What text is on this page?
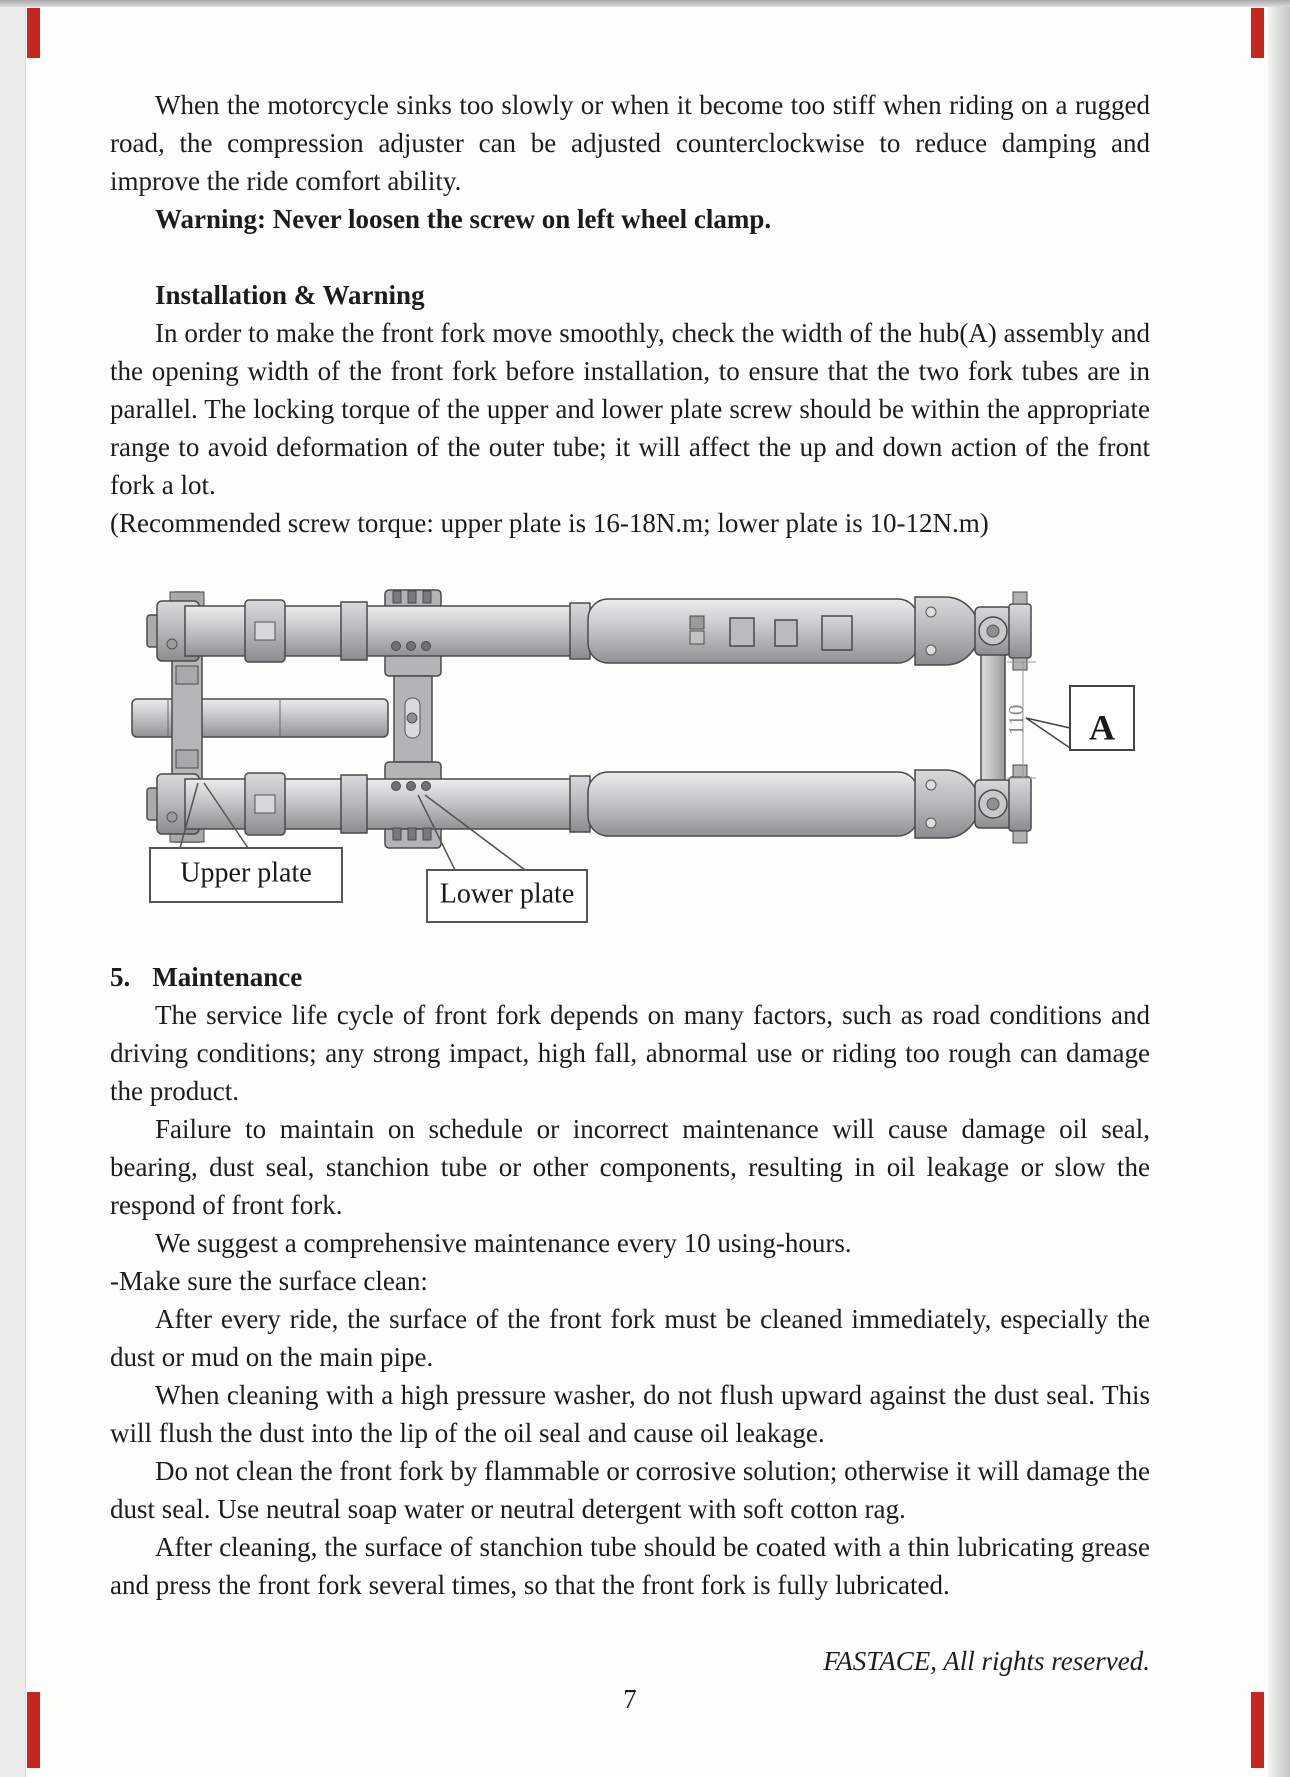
When the motorcycle sinks too slowly or when it become too stiff when riding on a rugged road, the compression adjuster can be adjusted counterclockwise to reduce damping and improve the ride comfort ability.

Warning: Never loosen the screw on left wheel clamp.

Installation & Warning

In order to make the front fork move smoothly, check the width of the hub(A) assembly and the opening width of the front fork before installation, to ensure that the two fork tubes are in parallel. The locking torque of the upper and lower plate screw should be within the appropriate range to avoid deformation of the outer tube; it will affect the up and down action of the front fork a lot.

(Recommended screw torque: upper plate is 16-18N.m; lower plate is 10-12N.m)

110 A
Upper plate
Lower plate

5. Maintenance

The service life cycle of front fork depends on many factors, such as road conditions and driving conditions; any strong impact, high fall, abnormal use or riding too rough can damage the product.

Failure to maintain on schedule or incorrect maintenance will cause damage oil seal, bearing, dust seal, stanchion tube or other components, resulting in oil leakage or slow the respond of front fork.

We suggest a comprehensive maintenance every 10 using-hours.

-Make sure the surface clean:

After every ride, the surface of the front fork must be cleaned immediately, especially the dust or mud on the main pipe.

When cleaning with a high pressure washer, do not flush upward against the dust seal. This will flush the dust into the lip of the oil seal and cause oil leakage.

Do not clean the front fork by flammable or corrosive solution; otherwise it will damage the dust seal. Use neutral soap water or neutral detergent with soft cotton rag.

After cleaning, the surface of stanchion tube should be coated with a thin lubricating grease and press the front fork several times, so that the front fork is fully lubricated.

FASTACE, All rights reserved.

7
